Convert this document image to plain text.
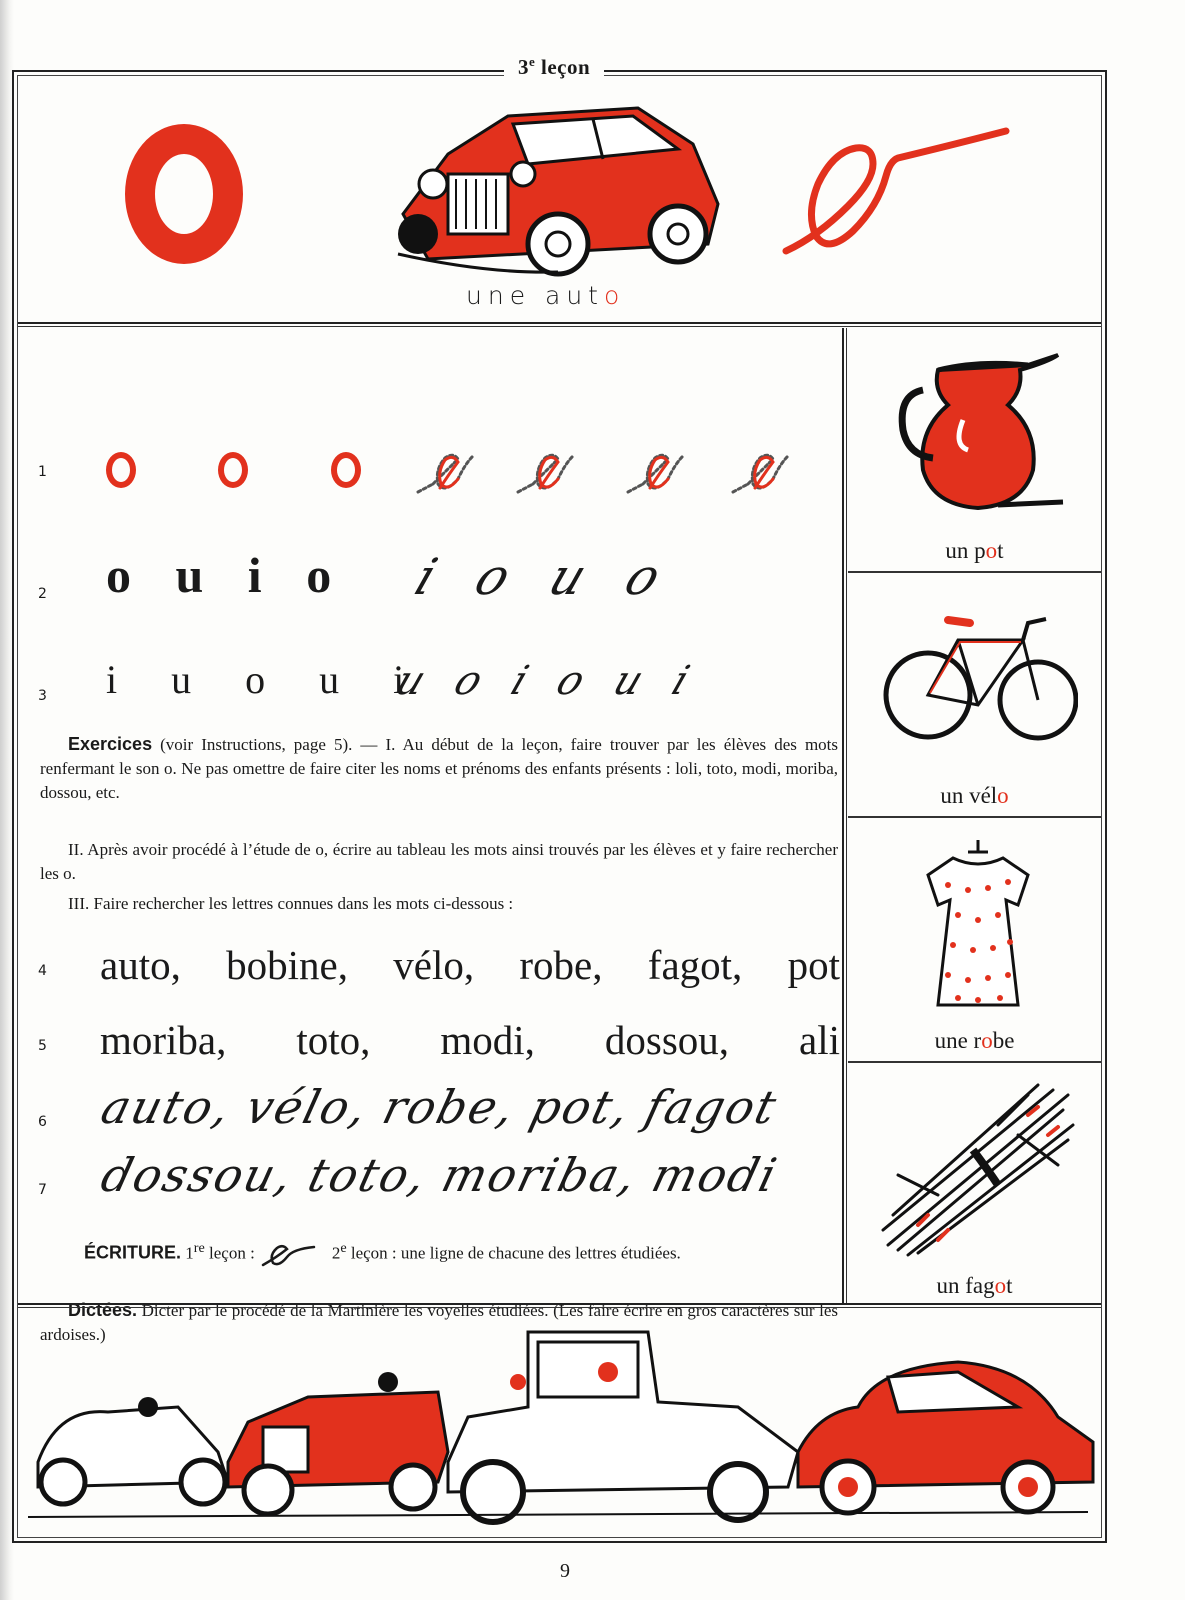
3e leçon
une auto
1
2 o u i o i o u o
3 i u o u i
u o i o u i
Exercices (voir Instructions, page 5). — I. Au début de la leçon, faire trouver par les élèves des mots renfermant le son o. Ne pas omettre de faire citer les noms et prénoms des enfants présents : loli, toto, modi, moriba, dossou, etc.
II. Après avoir procédé à l’étude de o, écrire au tableau les mots ainsi trouvés par les élèves et y faire rechercher les o.
III. Faire rechercher les lettres connues dans les mots ci-dessous :
4 auto, bobine, vélo, robe, fagot, pot
5 moriba, toto, modi, dossou, ali
6 auto, vélo, robe, pot, fagot
7 dossou, toto, moriba, modi
ÉCRITURE. 1re leçon :	2e leçon : une ligne de chacune des lettres étudiées.
Dictées. Dicter par le procédé de la Martinière les voyelles étudiées. (Les faire écrire en gros caractères sur les ardoises.)
un pot
un vélo
une robe
un fagot
9
